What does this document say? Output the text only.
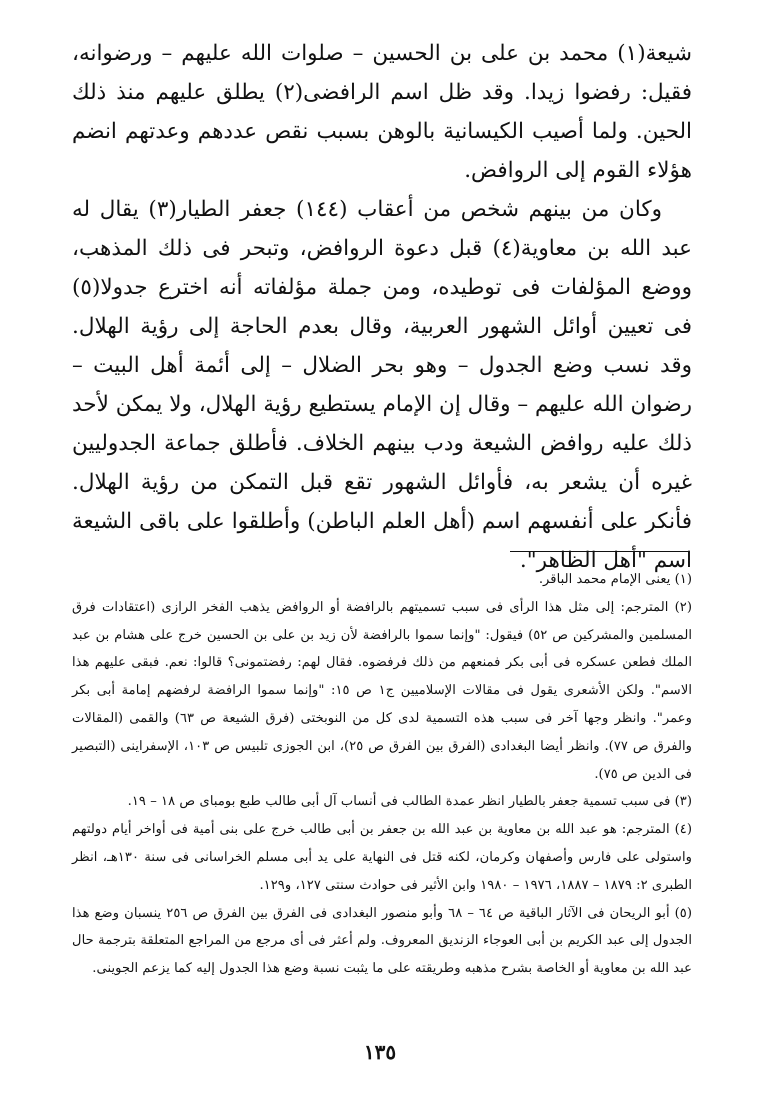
شيعة(١) محمد بن على بن الحسين – صلوات الله عليهم – ورضوانه، فقيل: رفضوا زيدا. وقد ظل اسم الرافضى(٢) يطلق عليهم منذ ذلك الحين. ولما أصيب الكيسانية بالوهن بسبب نقص عددهم وعدتهم انضم هؤلاء القوم إلى الروافض.

وكان من بينهم شخص من أعقاب (١٤٤) جعفر الطيار(٣) يقال له عبد الله بن معاوية(٤) قبل دعوة الروافض، وتبحر فى ذلك المذهب، ووضع المؤلفات فى توطيده، ومن جملة مؤلفاته أنه اخترع جدولا(٥) فى تعيين أوائل الشهور العربية، وقال بعدم الحاجة إلى رؤية الهلال. وقد نسب وضع الجدول – وهو بحر الضلال – إلى أئمة أهل البيت – رضوان الله عليهم – وقال إن الإمام يستطيع رؤية الهلال، ولا يمكن لأحد ذلك عليه روافض الشيعة ودب بينهم الخلاف. فأطلق جماعة الجدوليين غيره أن يشعر به، فأوائل الشهور تقع قبل التمكن من رؤية الهلال. فأنكر على أنفسهم اسم (أهل العلم الباطن) وأطلقوا على باقى الشيعة اسم "أهل الظاهر".

(١) يعنى الإمام محمد الباقر.

(٢) المترجم: إلى مثل هذا الرأى فى سبب تسميتهم بالرافضة أو الروافض يذهب الفخر الرازى (اعتقادات فرق المسلمين والمشركين ص ٥٢) فيقول: "وإنما سموا بالرافضة لأن زيد بن على بن الحسين خرج على هشام بن عبد الملك فطعن عسكره فى أبى بكر فمنعهم من ذلك فرفضوه. فقال لهم: رفضتمونى؟ قالوا: نعم. فبقى عليهم هذا الاسم". ولكن الأشعرى يقول فى مقالات الإسلاميين ج١ ص ١٥: "وإنما سموا الرافضة لرفضهم إمامة أبى بكر وعمر". وانظر وجها آخر فى سبب هذه التسمية لدى كل من النوبختى (فرق الشيعة ص ٦٣) والقمى (المقالات والفرق ص ٧٧). وانظر أيضا البغدادى (الفرق بين الفرق ص ٢٥)، ابن الجوزى تلبيس ص ١٠٣، الإسفراينى (التبصير فى الدين ص ٧٥).

(٣) فى سبب تسمية جعفر بالطيار انظر عمدة الطالب فى أنساب آل أبى طالب طبع بومباى ص ١٨ – ١٩.

(٤) المترجم: هو عبد الله بن معاوية بن عبد الله بن جعفر بن أبى طالب خرج على بنى أمية فى أواخر أيام دولتهم واستولى على فارس وأصفهان وكرمان، لكنه قتل فى النهاية على يد أبى مسلم الخراسانى فى سنة ١٣٠هـ، انظر الطبرى ٢: ١٨٧٩ – ١٨٨٧، ١٩٧٦ – ١٩٨٠ وابن الأثير فى حوادث سنتى ١٢٧، و١٢٩.

(٥) أبو الريحان فى الآثار الباقية ص ٦٤ – ٦٨ وأبو منصور البغدادى فى الفرق بين الفرق ص ٢٥٦ ينسبان وضع هذا الجدول إلى عبد الكريم بن أبى العوجاء الزنديق المعروف. ولم أعثر فى أى مرجع من المراجع المتعلقة بترجمة حال عبد الله بن معاوية أو الخاصة بشرح مذهبه وطريقته على ما يثبت نسبة وضع هذا الجدول إليه كما يزعم الجوينى.

١٣٥
